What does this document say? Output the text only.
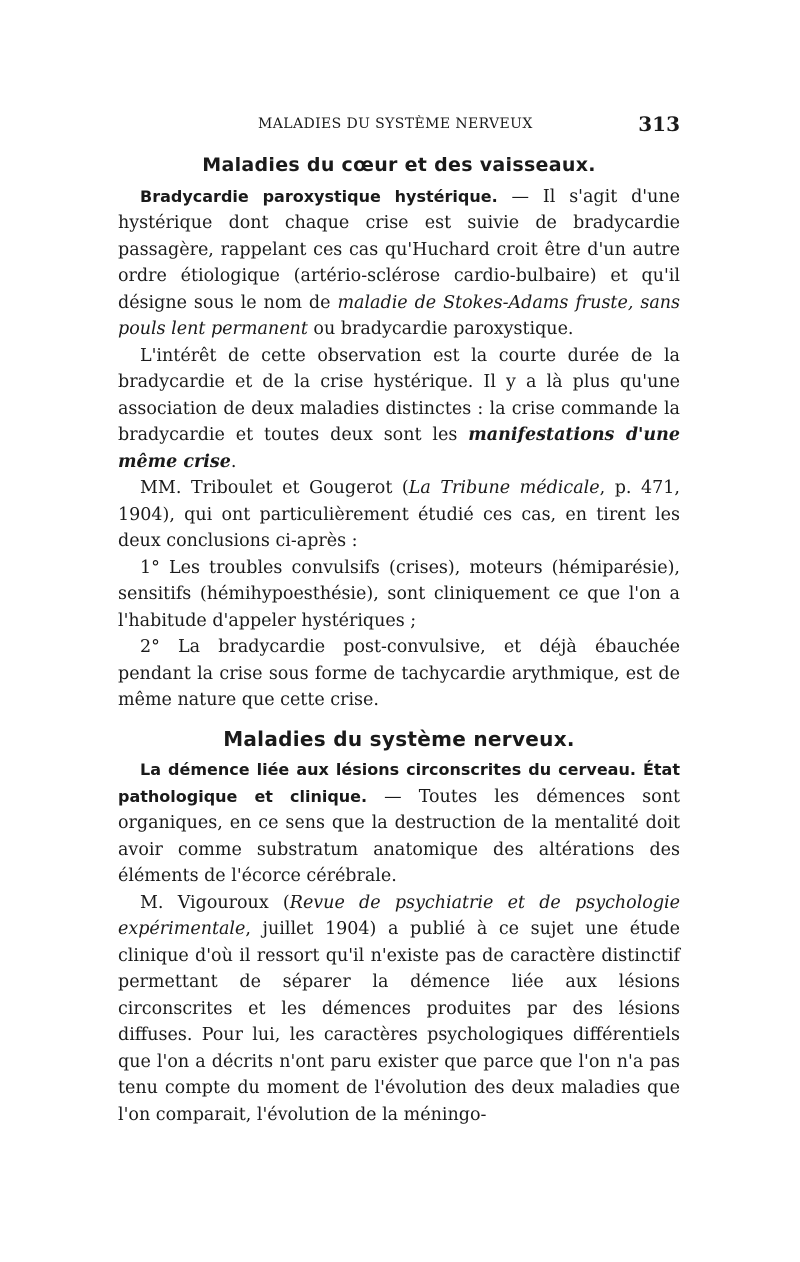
MALADIES DU SYSTÈME NERVEUX	313
Maladies du cœur et des vaisseaux.

Bradycardie paroxystique hystérique. — Il s'agit d'une hystérique dont chaque crise est suivie de bradycardie passagère, rappelant ces cas qu'Huchard croit être d'un autre ordre étiologique (artério-sclérose cardio-bulbaire) et qu'il désigne sous le nom de maladie de Stokes-Adams fruste, sans pouls lent permanent ou bradycardie paroxystique.

L'intérêt de cette observation est la courte durée de la bradycardie et de la crise hystérique. Il y a là plus qu'une association de deux maladies distinctes : la crise commande la bradycardie et toutes deux sont les manifestations d'une même crise.

MM. Triboulet et Gougerot (La Tribune médicale, p. 471, 1904), qui ont particulièrement étudié ces cas, en tirent les deux conclusions ci-après :

1° Les troubles convulsifs (crises), moteurs (hémiparésie), sensitifs (hémihypoesthésie), sont cliniquement ce que l'on a l'habitude d'appeler hystériques ;

2° La bradycardie post-convulsive, et déjà ébauchée pendant la crise sous forme de tachycardie arythmique, est de même nature que cette crise.

Maladies du système nerveux.

La démence liée aux lésions circonscrites du cerveau. État pathologique et clinique. — Toutes les démences sont organiques, en ce sens que la destruction de la mentalité doit avoir comme substratum anatomique des altérations des éléments de l'écorce cérébrale.

M. Vigouroux (Revue de psychiatrie et de psychologie expérimentale, juillet 1904) a publié à ce sujet une étude clinique d'où il ressort qu'il n'existe pas de caractère distinctif permettant de séparer la démence liée aux lésions circonscrites et les démences produites par des lésions diffuses. Pour lui, les caractères psychologiques différentiels que l'on a décrits n'ont paru exister que parce que l'on n'a pas tenu compte du moment de l'évolution des deux maladies que l'on comparait, l'évolution de la méningo-
